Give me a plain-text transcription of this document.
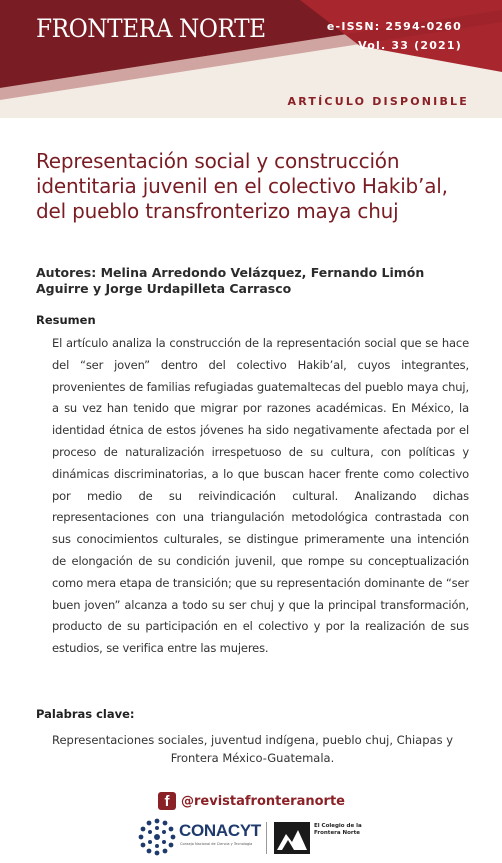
FRONTERA NORTE	e-ISSN: 2594-0260
Vol. 33 (2021)
ARTÍCULO DISPONIBLE
Representación social y construcción identitaria juvenil en el colectivo Hakib’al, del pueblo transfronterizo maya chuj
Autores: Melina Arredondo Velázquez, Fernando Limón Aguirre y Jorge Urdapilleta Carrasco
Resumen

El artículo analiza la construcción de la representación social que se hace del “ser joven” dentro del colectivo Hakib’al, cuyos integrantes, provenientes de familias refugiadas guatemaltecas del pueblo maya chuj, a su vez han tenido que migrar por razones académicas. En México, la identidad étnica de estos jóvenes ha sido negativamente afectada por el proceso de naturalización irrespetuoso de su cultura, con políticas y dinámicas discriminatorias, a lo que buscan hacer frente como colectivo por medio de su reivindicación cultural. Analizando dichas representaciones con una triangulación metodológica contrastada con sus conocimientos culturales, se distingue primeramente una intención de elongación de su condición juvenil, que rompe su conceptualización como mera etapa de transición; que su representación dominante de “ser buen joven” alcanza a todo su ser chuj y que la principal transformación, producto de su participación en el colectivo y por la realización de sus estudios, se verifica entre las mujeres.

Palabras clave:

Representaciones sociales, juventud indígena, pueblo chuj, Chiapas y Frontera México-Guatemala.

f @revistafronteranorte
CONACYT
Consejo Nacional de Ciencia y Tecnología
El Colegio de la Frontera Norte
